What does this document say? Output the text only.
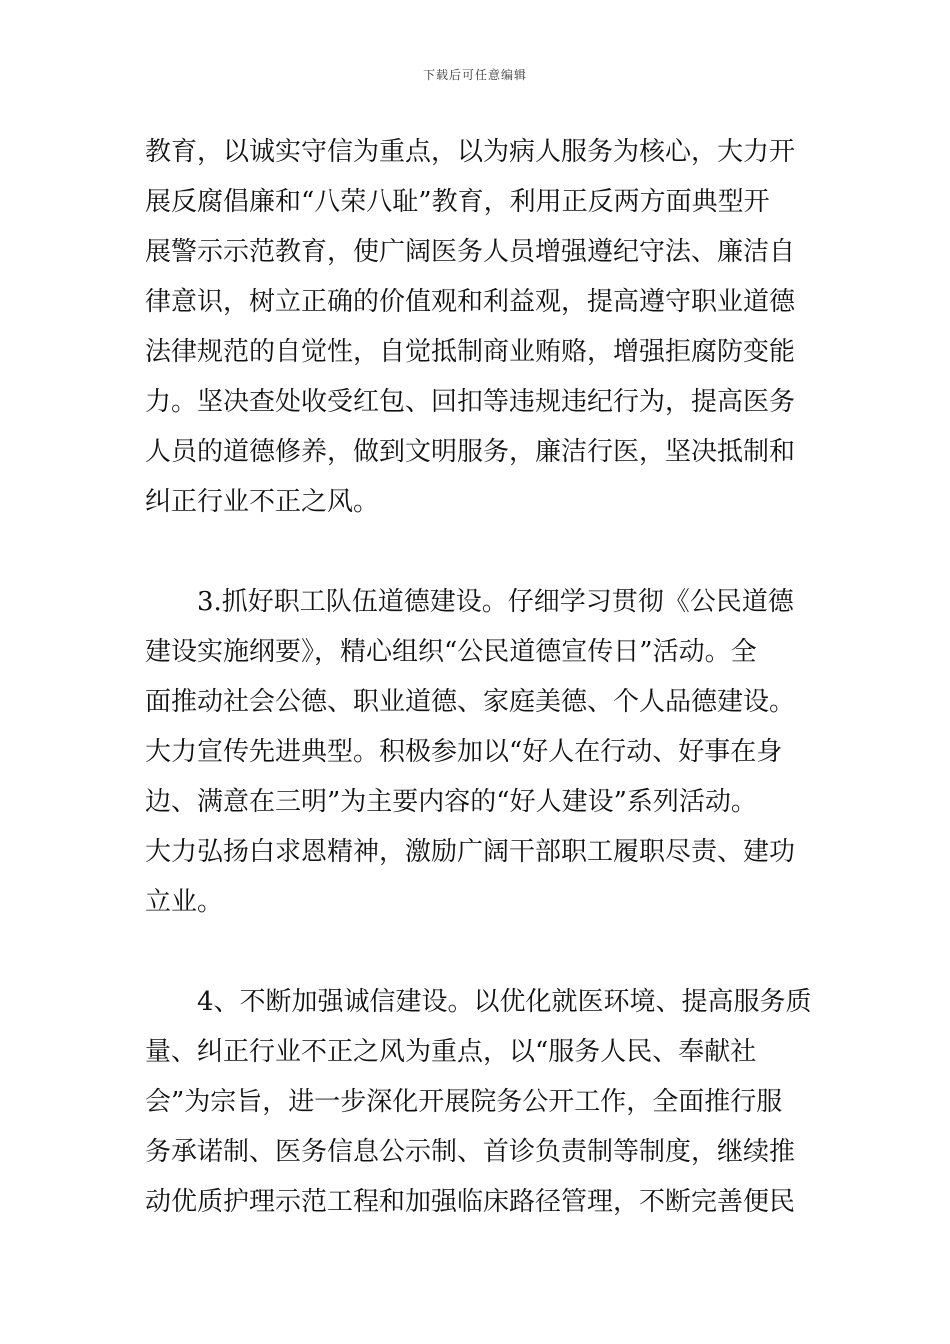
下载后可任意编辑
教育，以诚实守信为重点，以为病人服务为核心，大力开
展反腐倡廉和“八荣八耻”教育，利用正反两方面典型开
展警示示范教育，使广阔医务人员增强遵纪守法、廉洁自
律意识，树立正确的价值观和利益观，提高遵守职业道德
法律规范的自觉性，自觉抵制商业贿赂，增强拒腐防变能
力。坚决查处收受红包、回扣等违规违纪行为，提高医务
人员的道德修养，做到文明服务，廉洁行医，坚决抵制和
纠正行业不正之风。
3.抓好职工队伍道德建设。仔细学习贯彻《公民道德
建设实施纲要》，精心组织“公民道德宣传日”活动。全
面推动社会公德、职业道德、家庭美德、个人品德建设。
大力宣传先进典型。积极参加以“好人在行动、好事在身
边、满意在三明”为主要内容的“好人建设”系列活动。
大力弘扬白求恩精神，激励广阔干部职工履职尽责、建功
立业。
4、不断加强诚信建设。以优化就医环境、提高服务质
量、纠正行业不正之风为重点，以“服务人民、奉献社
会”为宗旨，进一步深化开展院务公开工作，全面推行服
务承诺制、医务信息公示制、首诊负责制等制度，继续推
动优质护理示范工程和加强临床路径管理，不断完善便民
